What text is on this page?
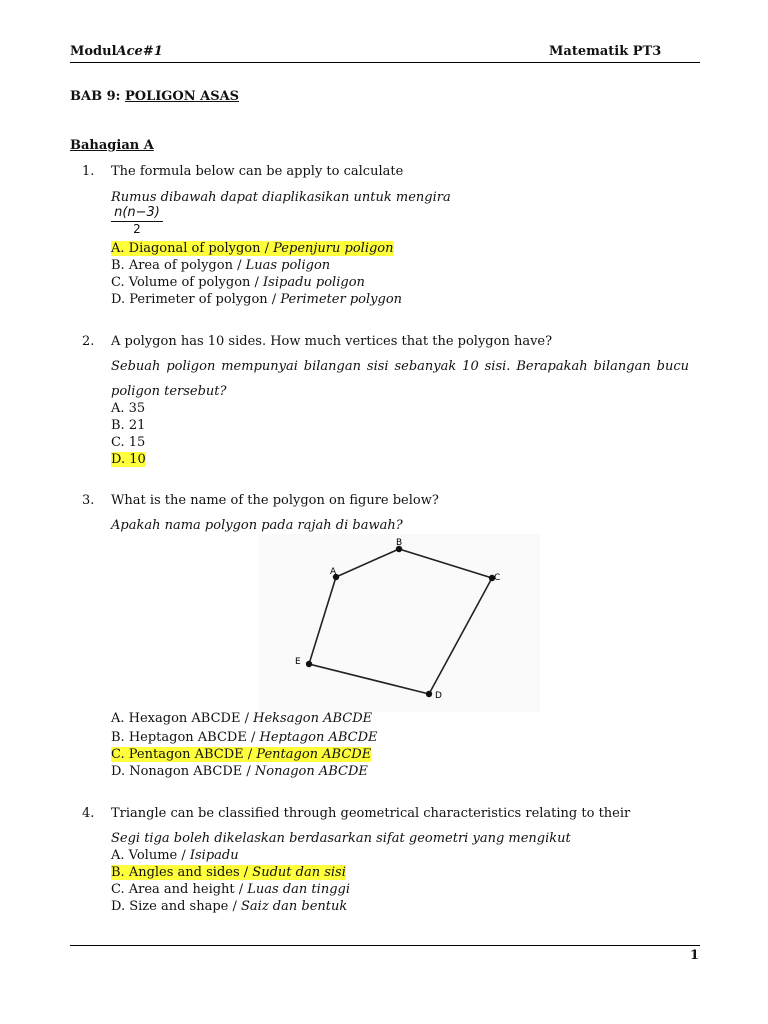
ModulAce#1	Matematik PT3
BAB 9: POLIGON ASAS
Bahagian A
1. The formula below can be apply to calculate
Rumus dibawah dapat diaplikasikan untuk mengira
$\frac{n(n-3)}{2}$
A. Diagonal of polygon / Pepenjuru poligon
B. Area of polygon / Luas poligon
C. Volume of polygon / Isipadu poligon
D. Perimeter of polygon / Perimeter polygon
2. A polygon has 10 sides. How much vertices that the polygon have?
Sebuah poligon mempunyai bilangan sisi sebanyak 10 sisi. Berapakah bilangan bucu poligon tersebut?
A. 35
B. 21
C. 15
D. 10
3. What is the name of the polygon on figure below?
Apakah nama polygon pada rajah di bawah?
A
B
C
D
E
A. Hexagon ABCDE / Heksagon ABCDE
B. Heptagon ABCDE / Heptagon ABCDE
C. Pentagon ABCDE / Pentagon ABCDE
D. Nonagon ABCDE / Nonagon ABCDE
4. Triangle can be classified through geometrical characteristics relating to their
Segi tiga boleh dikelaskan berdasarkan sifat geometri yang mengikut
A. Volume / Isipadu
B. Angles and sides / Sudut dan sisi
C. Area and height / Luas dan tinggi
D. Size and shape / Saiz dan bentuk
1
